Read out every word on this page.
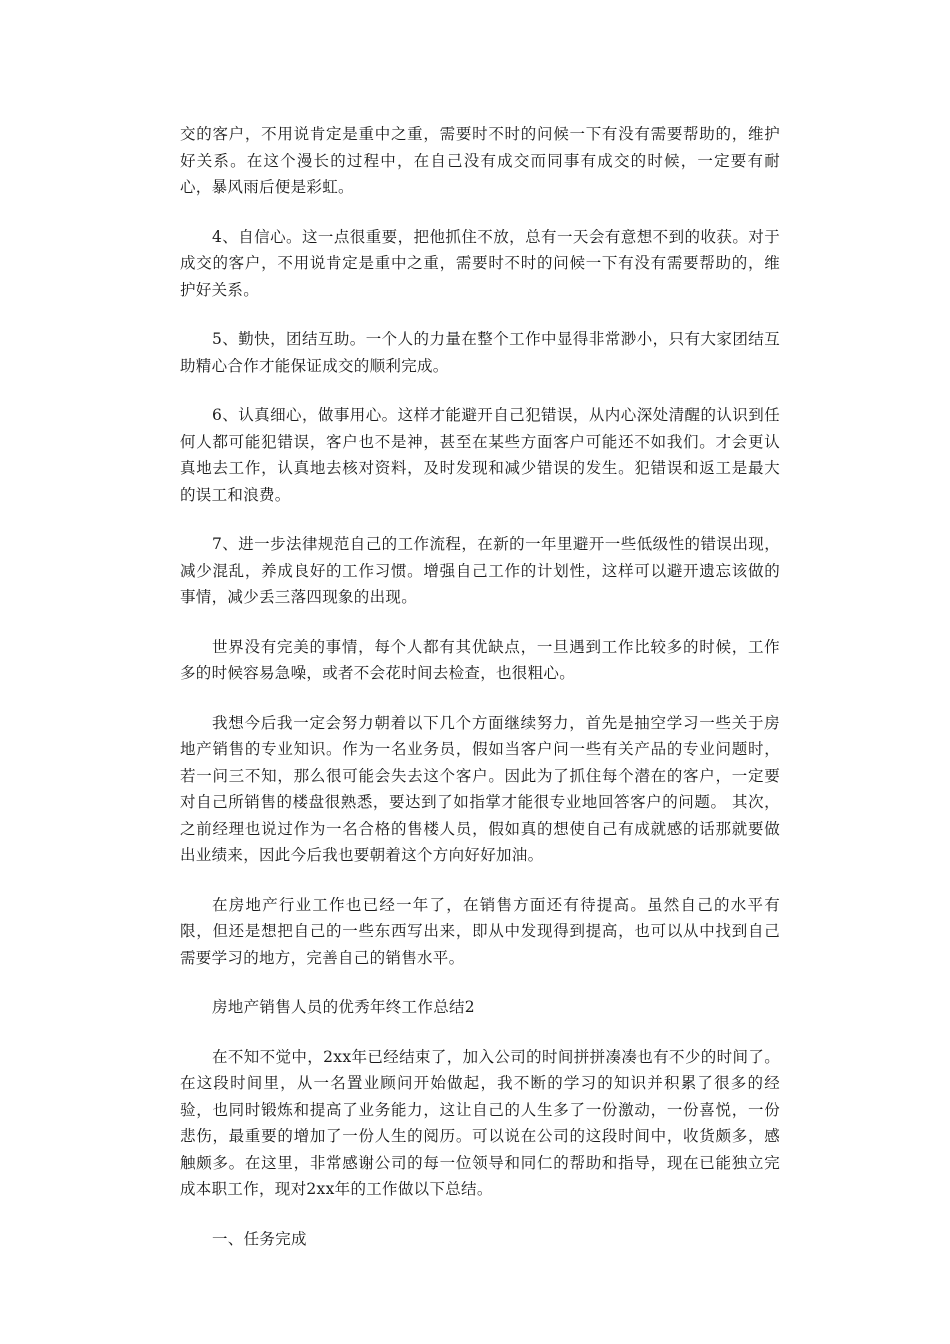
交的客户，不用说肯定是重中之重，需要时不时的问候一下有没有需要帮助的，维护好关系。在这个漫长的过程中，在自己没有成交而同事有成交的时候，一定要有耐心，暴风雨后便是彩虹。

4、自信心。这一点很重要，把他抓住不放，总有一天会有意想不到的收获。对于成交的客户，不用说肯定是重中之重，需要时不时的问候一下有没有需要帮助的，维护好关系。

5、勤快，团结互助。一个人的力量在整个工作中显得非常渺小，只有大家团结互助精心合作才能保证成交的顺利完成。

6、认真细心，做事用心。这样才能避开自己犯错误，从内心深处清醒的认识到任何人都可能犯错误，客户也不是神，甚至在某些方面客户可能还不如我们。才会更认真地去工作，认真地去核对资料，及时发现和减少错误的发生。犯错误和返工是最大的误工和浪费。

7、进一步法律规范自己的工作流程，在新的一年里避开一些低级性的错误出现，减少混乱，养成良好的工作习惯。增强自己工作的计划性，这样可以避开遗忘该做的事情，减少丢三落四现象的出现。

世界没有完美的事情，每个人都有其优缺点，一旦遇到工作比较多的时候，工作多的时候容易急噪，或者不会花时间去检查，也很粗心。

我想今后我一定会努力朝着以下几个方面继续努力，首先是抽空学习一些关于房地产销售的专业知识。作为一名业务员，假如当客户问一些有关产品的专业问题时，若一问三不知，那么很可能会失去这个客户。因此为了抓住每个潜在的客户，一定要对自己所销售的楼盘很熟悉，要达到了如指掌才能很专业地回答客户的问题。 其次，之前经理也说过作为一名合格的售楼人员，假如真的想使自己有成就感的话那就要做出业绩来，因此今后我也要朝着这个方向好好加油。

在房地产行业工作也已经一年了，在销售方面还有待提高。虽然自己的水平有限，但还是想把自己的一些东西写出来，即从中发现得到提高，也可以从中找到自己需要学习的地方，完善自己的销售水平。

房地产销售人员的优秀年终工作总结2

在不知不觉中，2xx年已经结束了，加入公司的时间拼拼凑凑也有不少的时间了。在这段时间里，从一名置业顾问开始做起，我不断的学习的知识并积累了很多的经验，也同时锻炼和提高了业务能力，这让自己的人生多了一份激动，一份喜悦，一份悲伤，最重要的增加了一份人生的阅历。可以说在公司的这段时间中，收货颇多，感触颇多。在这里，非常感谢公司的每一位领导和同仁的帮助和指导，现在已能独立完成本职工作，现对2xx年的工作做以下总结。

一、任务完成
